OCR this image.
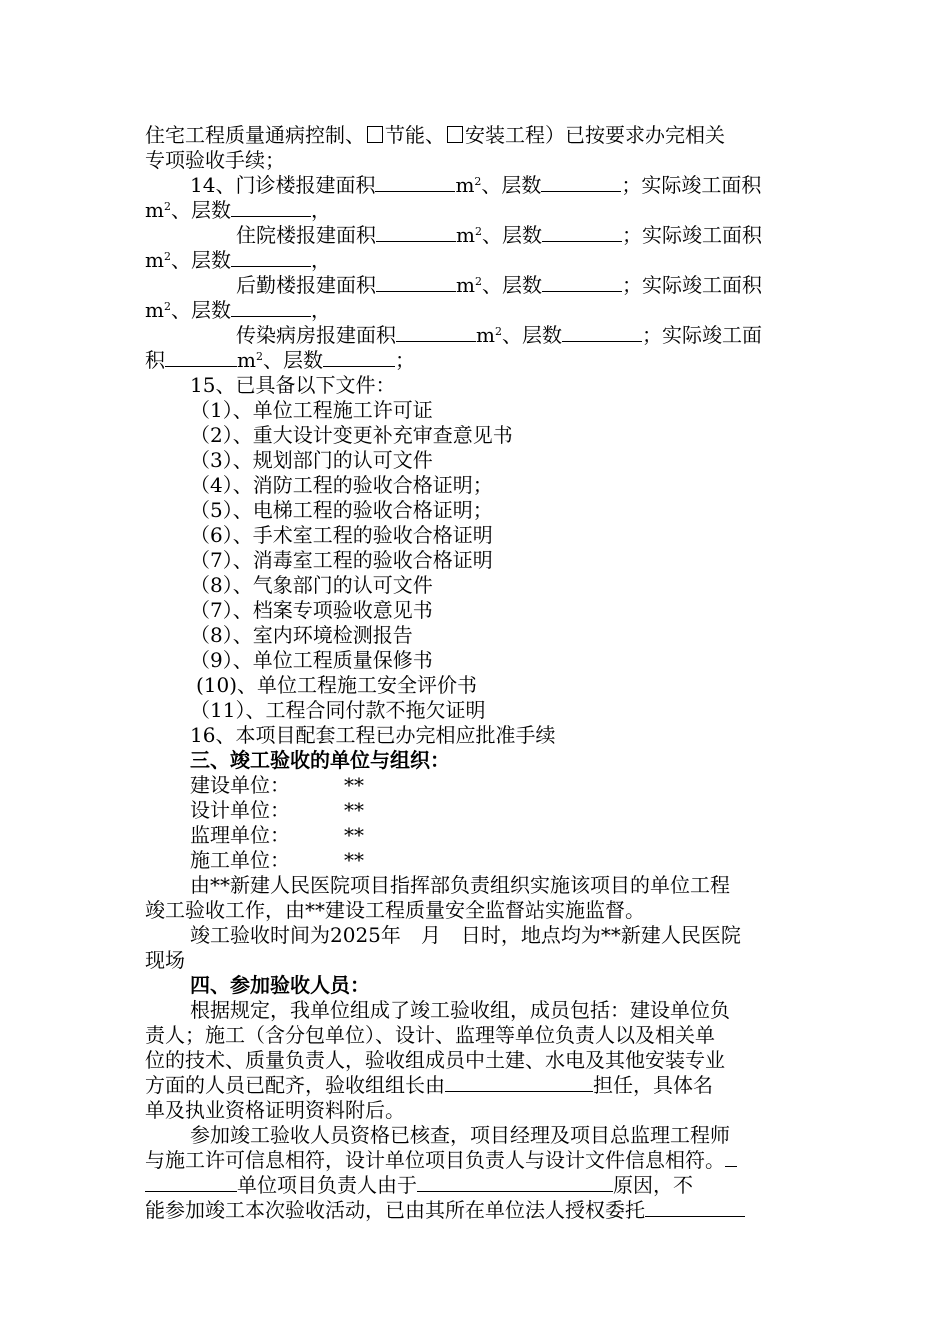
住宅工程质量通病控制、 节能、 安装工程）已按要求办完相关
专项验收手续；
14、门诊楼报建面积	$m^2$、层数	；实际竣工面积
$m^2$、层数	，
住院楼报建面积	$m^2$、层数	；实际竣工面积
$m^2$、层数	，
后勤楼报建面积	$m^2$、层数	；实际竣工面积
$m^2$、层数	，
传染病房报建面积	$m^2$、层数	；实际竣工面
积	$m^2$、层数	；
15、已具备以下文件：
（1）、单位工程施工许可证
（2）、重大设计变更补充审查意见书
（3）、规划部门的认可文件
（4）、消防工程的验收合格证明；
（5）、电梯工程的验收合格证明；
（6）、手术室工程的验收合格证明
（7）、消毒室工程的验收合格证明
（8）、气象部门的认可文件
（7）、档案专项验收意见书
（8）、室内环境检测报告
（9）、单位工程质量保修书
(10)、单位工程施工安全评价书
（11）、工程合同付款不拖欠证明
16、本项目配套工程已办完相应批准手续
三、竣工验收的单位与组织：
建设单位：	**
设计单位：	**
监理单位：	**
施工单位：	**
由**新建人民医院项目指挥部负责组织实施该项目的单位工程
竣工验收工作，由**建设工程质量安全监督站实施监督。
竣工验收时间为2025年　月　日时，地点均为**新建人民医院
现场
四、参加验收人员：
根据规定，我单位组成了竣工验收组，成员包括：建设单位负
责人；施工（含分包单位）、设计、监理等单位负责人以及相关单
位的技术、质量负责人，验收组成员中土建、水电及其他安装专业
方面的人员已配齐，验收组组长由	担任，具体名
单及执业资格证明资料附后。
参加竣工验收人员资格已核查，项目经理及项目总监理工程师
与施工许可信息相符，设计单位项目负责人与设计文件信息相符。
单位项目负责人由于	原因，不
能参加竣工本次验收活动，已由其所在单位法人授权委托
